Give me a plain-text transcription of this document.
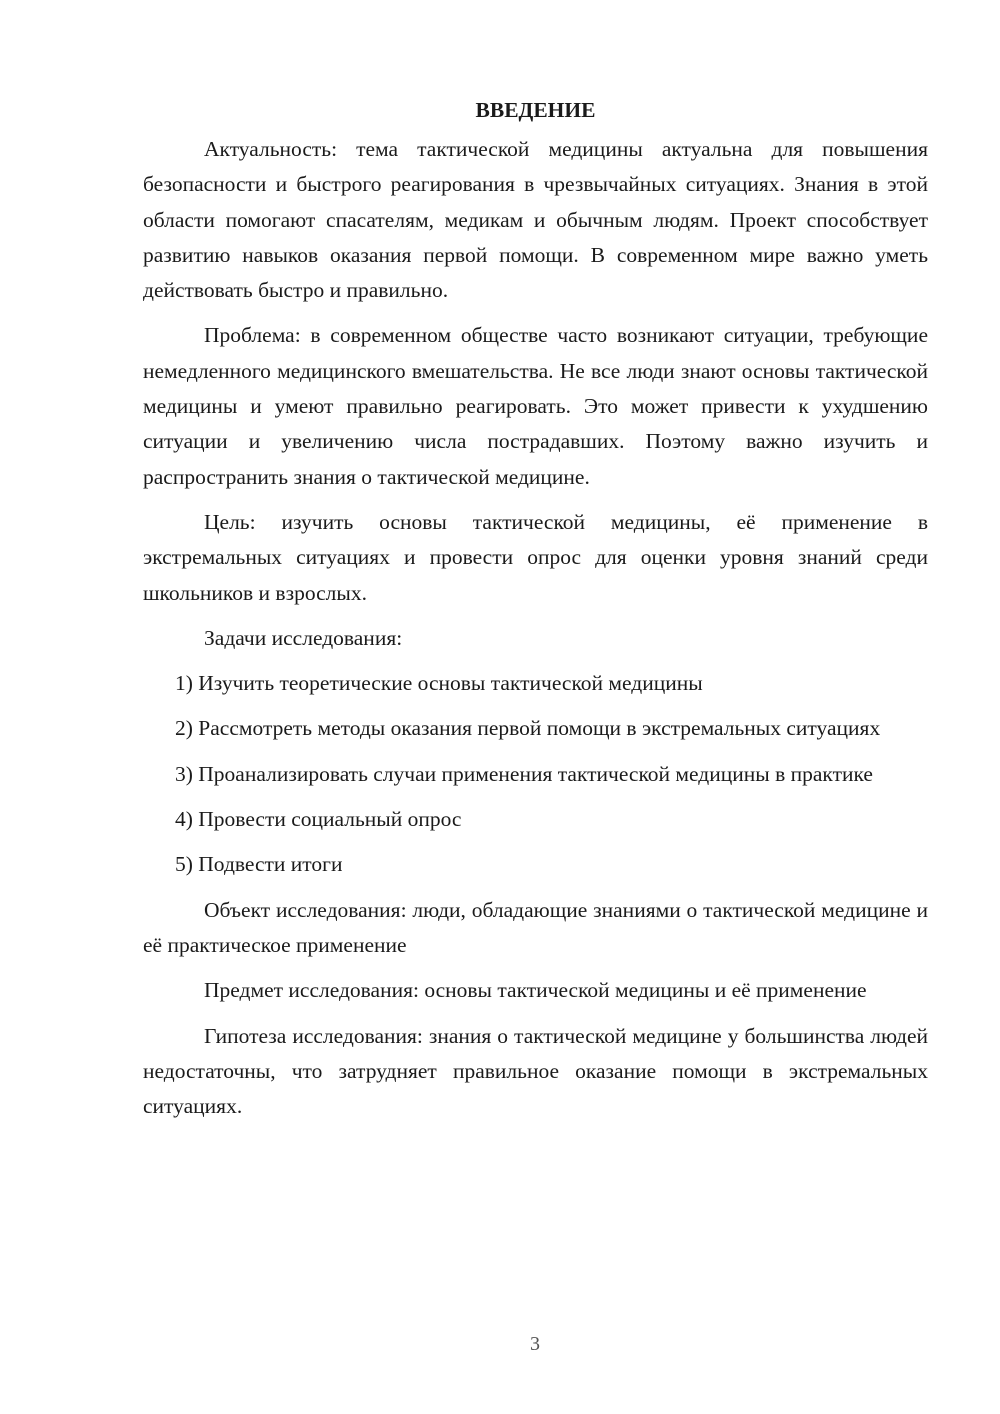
ВВЕДЕНИЕ

Актуальность: тема тактической медицины актуальна для повышения безопасности и быстрого реагирования в чрезвычайных ситуациях. Знания в этой области помогают спасателям, медикам и обычным людям. Проект способствует развитию навыков оказания первой помощи. В современном мире важно уметь действовать быстро и правильно.

Проблема: в современном обществе часто возникают ситуации, требующие немедленного медицинского вмешательства. Не все люди знают основы тактической медицины и умеют правильно реагировать. Это может привести к ухудшению ситуации и увеличению числа пострадавших. Поэтому важно изучить и распространить знания о тактической медицине.

Цель: изучить основы тактической медицины, её применение в экстремальных ситуациях и провести опрос для оценки уровня знаний среди школьников и взрослых.

Задачи исследования:

1) Изучить теоретические основы тактической медицины

2) Рассмотреть методы оказания первой помощи в экстремальных ситуациях

3) Проанализировать случаи применения тактической медицины в практике

4) Провести социальный опрос

5) Подвести итоги

Объект исследования: люди, обладающие знаниями о тактической медицине и её практическое применение

Предмет исследования: основы тактической медицины и её применение

Гипотеза исследования: знания о тактической медицине у большинства людей недостаточны, что затрудняет правильное оказание помощи в экстремальных ситуациях.

3
